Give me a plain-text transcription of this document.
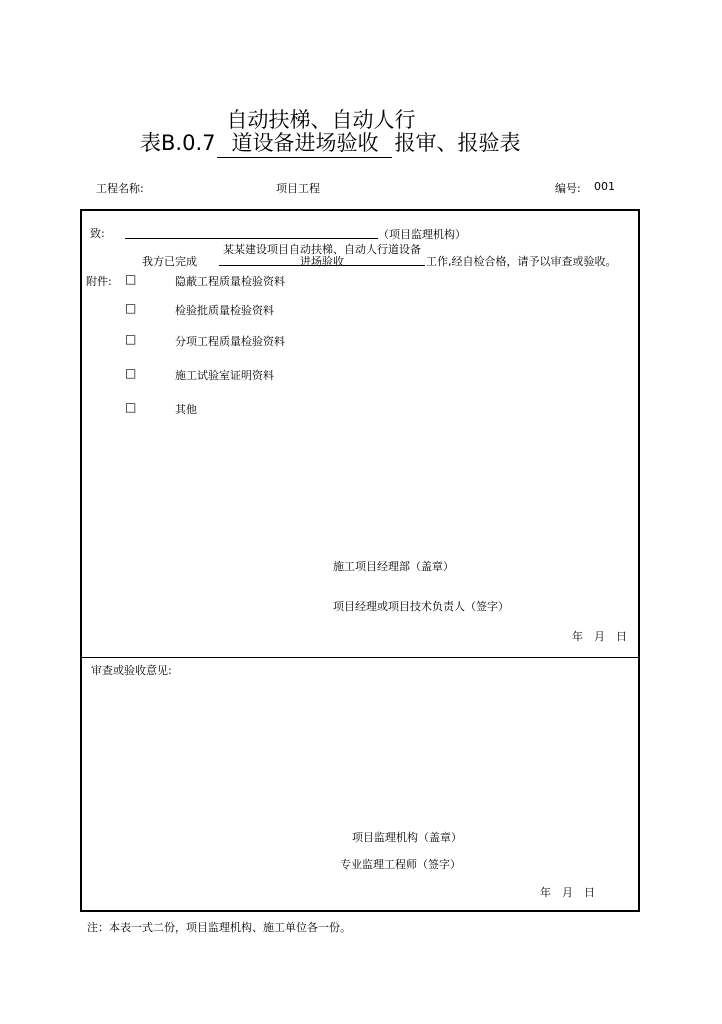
自动扶梯、自动人行
表B.0.7 道设备进场验收 报审、报验表
工程名称:	项目工程	编号: 001
致:	（项目监理机构）
我方已完成
某某建设项目自动扶梯、自动人行道设备
进场验收	工作,经自检合格，请予以审查或验收。
附件: □	隐蔽工程质量检验资料
□	检验批质量检验资料
□	分项工程质量检验资料
□	施工试验室证明资料
□	其他
施工项目经理部（盖章）
项目经理或项目技术负责人（签字）
年　月　日
审查或验收意见:
项目监理机构（盖章）
专业监理工程师（签字）
年　月　日
注：本表一式二份，项目监理机构、施工单位各一份。
